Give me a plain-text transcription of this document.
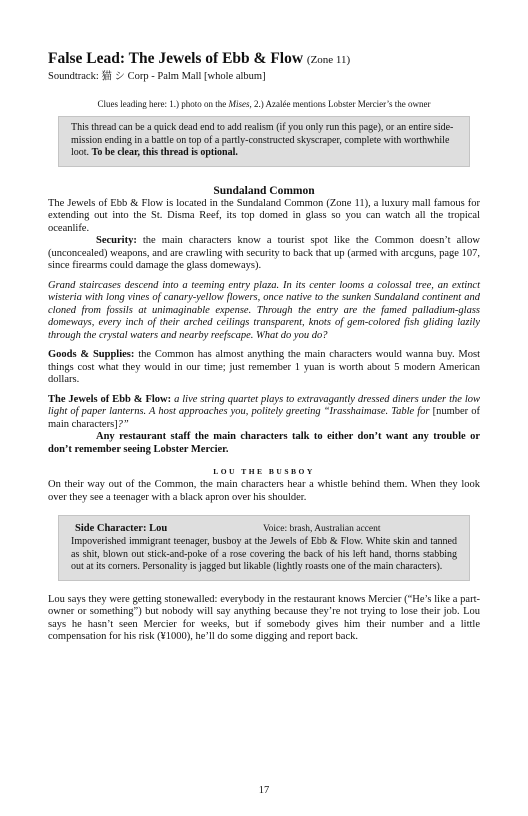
False Lead: The Jewels of Ebb & Flow (Zone 11)
Soundtrack: 猫 シ Corp - Palm Mall [whole album]
Clues leading here: 1.) photo on the Mises, 2.) Azalée mentions Lobster Mercier’s the owner
This thread can be a quick dead end to add realism (if you only run this page), or an entire side-mission ending in a battle on top of a partly-constructed skyscraper, complete with worthwhile loot. To be clear, this thread is optional.
Sundaland Common

The Jewels of Ebb & Flow is located in the Sundaland Common (Zone 11), a luxury mall famous for extending out into the St. Disma Reef, its top domed in glass so you can watch all the tropical oceanlife.

Security: the main characters know a tourist spot like the Common doesn’t allow (unconcealed) weapons, and are crawling with security to back that up (armed with arcguns, page 107, since firearms could damage the glass domeways).

Grand staircases descend into a teeming entry plaza. In its center looms a colossal tree, an extinct wisteria with long vines of canary-yellow flowers, once native to the sunken Sundaland continent and cloned from fossils at unimaginable expense. Through the entry are the famed palladium-glass domeways, every inch of their arched ceilings transparent, knots of gem-colored fish gliding lazily through the crystal waters and nearby reefscape. What do you do?

Goods & Supplies: the Common has almost anything the main characters would wanna buy. Most things cost what they would in our time; just remember 1 yuan is worth about 5 modern American dollars.

The Jewels of Ebb & Flow: a live string quartet plays to extravagantly dressed diners under the low light of paper lanterns. A host approaches you, politely greeting “Irasshaimase. Table for [number of main characters]?”

Any restaurant staff the main characters talk to either don’t want any trouble or don’t remember seeing Lobster Mercier.

LOU THE BUSBOY

On their way out of the Common, the main characters hear a whistle behind them. When they look over they see a teenager with a black apron over his shoulder.

Side Character: Lou	Voice: brash, Australian accent
Impoverished immigrant teenager, busboy at the Jewels of Ebb & Flow. White skin and tanned as shit, blown out stick-and-poke of a rose covering the back of his left hand, thorns stabbing out at its corners. Personality is jagged but likable (lightly roasts one of the main characters).

Lou says they were getting stonewalled: everybody in the restaurant knows Mercier (“He’s like a part-owner or something”) but nobody will say anything because they’re not trying to lose their job. Lou says he hasn’t seen Mercier for weeks, but if somebody gives him their number and a little compensation for his risk (¥1000), he’ll do some digging and report back.

17
